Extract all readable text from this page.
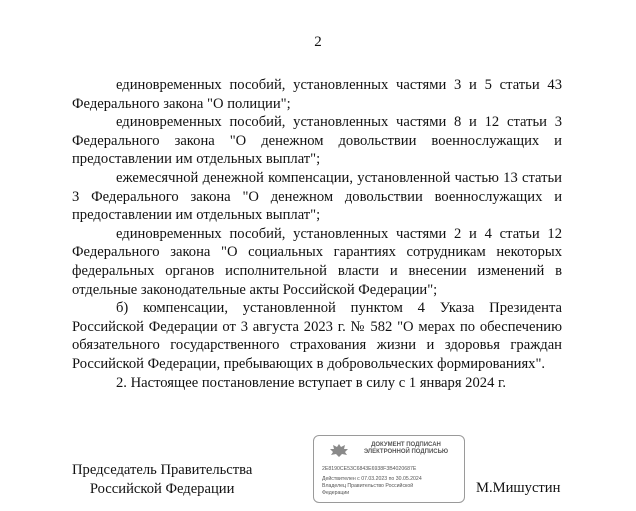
2

единовременных пособий, установленных частями 3 и 5 статьи 43 Федерального закона "О полиции";

единовременных пособий, установленных частями 8 и 12 статьи 3 Федерального закона "О денежном довольствии военнослужащих и предоставлении им отдельных выплат";

ежемесячной денежной компенсации, установленной частью 13 статьи 3 Федерального закона "О денежном довольствии военнослужащих и предоставлении им отдельных выплат";

единовременных пособий, установленных частями 2 и 4 статьи 12 Федерального закона "О социальных гарантиях сотрудникам некоторых федеральных органов исполнительной власти и внесении изменений в отдельные законодательные акты Российской Федерации";

б) компенсации, установленной пунктом 4 Указа Президента Российской Федерации от 3 августа 2023 г. № 582 "О мерах по обеспечению обязательного государственного страхования жизни и здоровья граждан Российской Федерации, пребывающих в добровольческих формированиях".

2. Настоящее постановление вступает в силу с 1 января 2024 г.

Председатель Правительства
Российской Федерации
ДОКУМЕНТ ПОДПИСАН
ЭЛЕКТРОННОЙ ПОДПИСЬЮ
2E8190CE53C6843E6938F3B4020687E
Действителен с 07.03.2023 по 30.05.2024
Владелец Правительство Российской
Федерации	М.Мишустин
